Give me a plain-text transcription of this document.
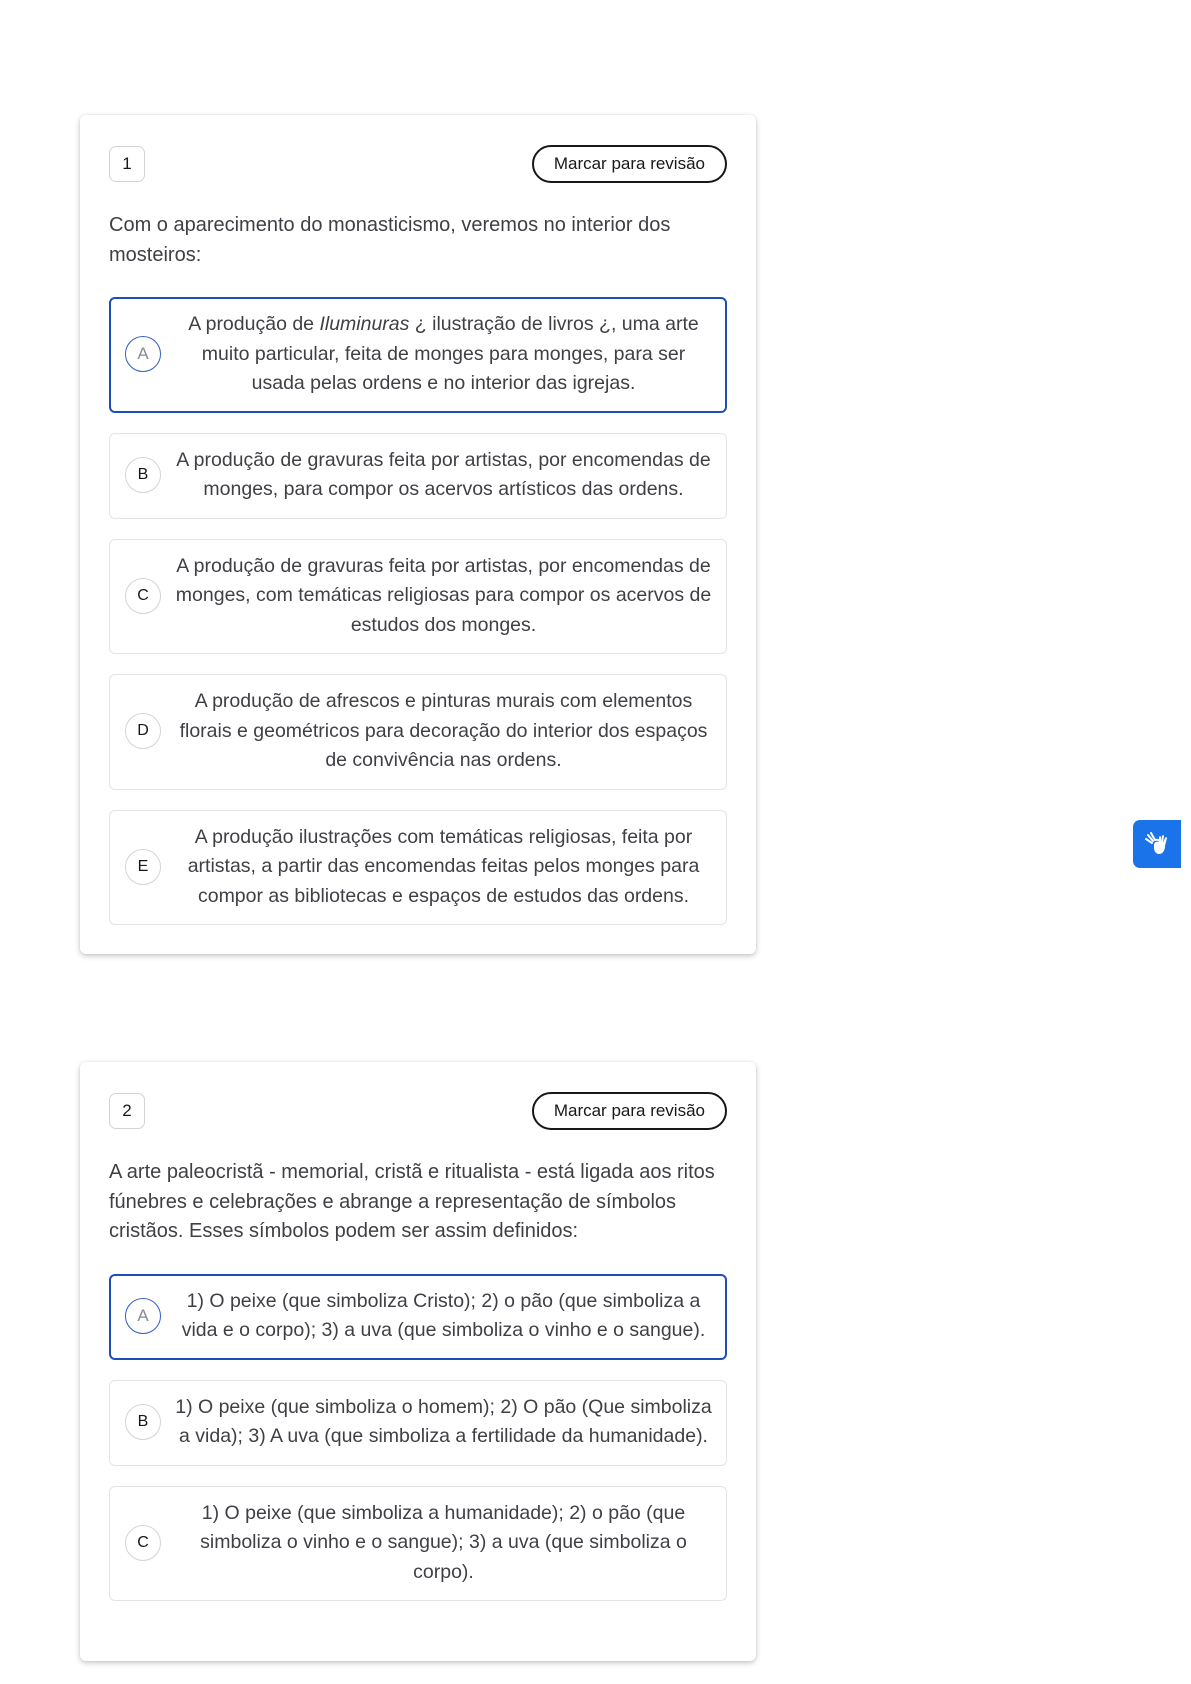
1	Marcar para revisão
Com o aparecimento do monasticismo, veremos no interior dos mosteiros:
A
A produção de Iluminuras ¿ ilustração de livros ¿, uma arte muito particular, feita de monges para monges, para ser usada pelas ordens e no interior das igrejas.
B
A produção de gravuras feita por artistas, por encomendas de monges, para compor os acervos artísticos das ordens.
C
A produção de gravuras feita por artistas, por encomendas de monges, com temáticas religiosas para compor os acervos de estudos dos monges.
D
A produção de afrescos e pinturas murais com elementos florais e geométricos para decoração do interior dos espaços de convivência nas ordens.
E
A produção ilustrações com temáticas religiosas, feita por artistas, a partir das encomendas feitas pelos monges para compor as bibliotecas e espaços de estudos das ordens.
2	Marcar para revisão
A arte paleocristã - memorial, cristã e ritualista - está ligada aos ritos fúnebres e celebrações e abrange a representação de símbolos cristãos. Esses símbolos podem ser assim definidos:
A
1) O peixe (que simboliza Cristo); 2) o pão (que simboliza a vida e o corpo); 3) a uva (que simboliza o vinho e o sangue).
B
1) O peixe (que simboliza o homem); 2) O pão (Que simboliza a vida); 3) A uva (que simboliza a fertilidade da humanidade).
C
1) O peixe (que simboliza a humanidade); 2) o pão (que simboliza o vinho e o sangue); 3) a uva (que simboliza o corpo).
